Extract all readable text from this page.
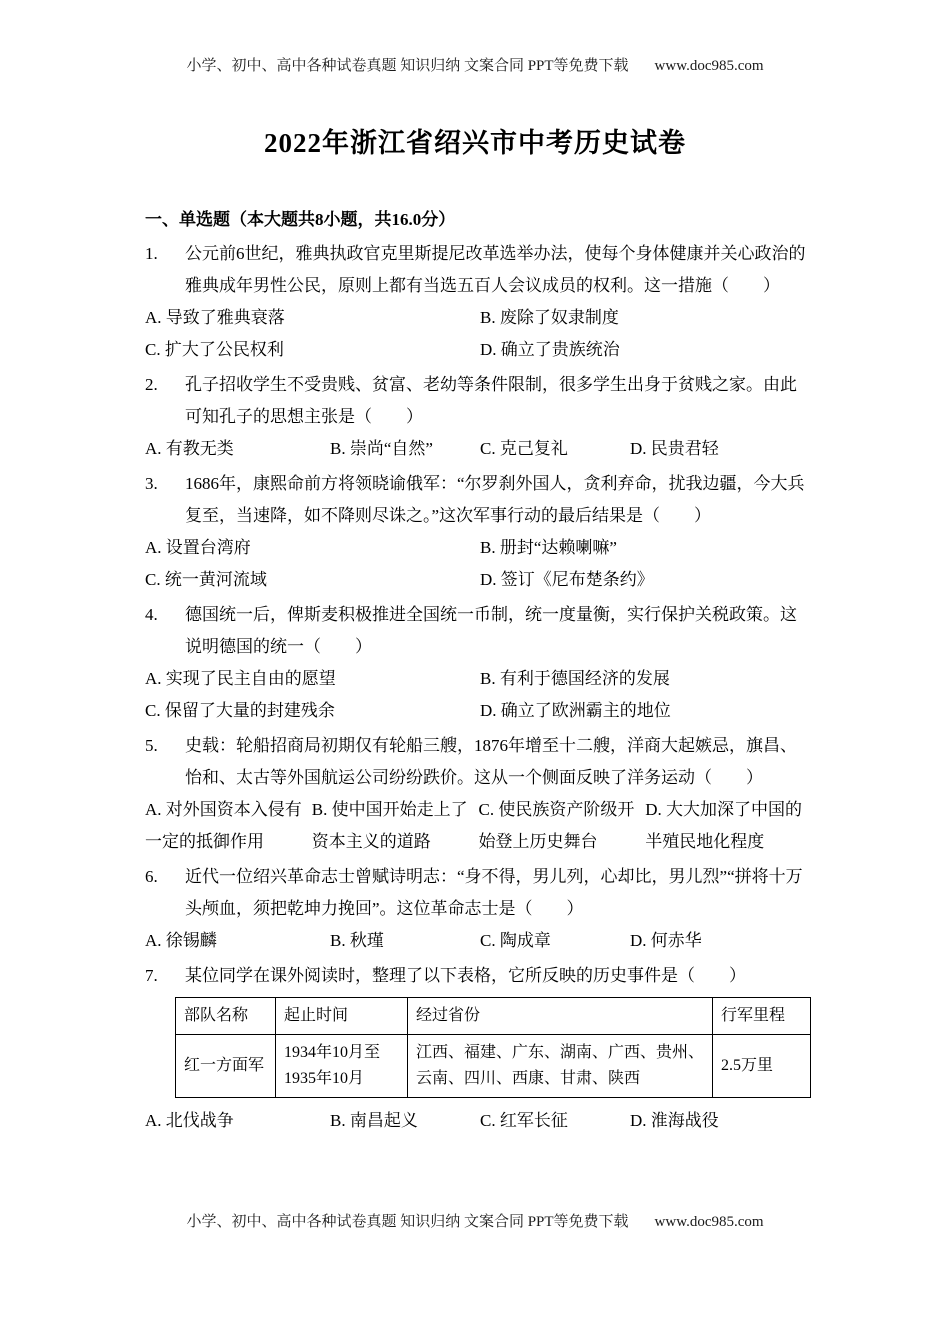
小学、初中、高中各种试卷真题 知识归纳 文案合同 PPT等免费下载 www.doc985.com
2022年浙江省绍兴市中考历史试卷
一、单选题（本大题共8小题，共16.0分）
1.	公元前6世纪，雅典执政官克里斯提尼改革选举办法，使每个身体健康并关心政治的雅典成年男性公民，原则上都有当选五百人会议成员的权利。这一措施（　　）
A. 导致了雅典衰落	B. 废除了奴隶制度
C. 扩大了公民权利	D. 确立了贵族统治
2.	孔子招收学生不受贵贱、贫富、老幼等条件限制，很多学生出身于贫贱之家。由此可知孔子的思想主张是（　　）
A. 有教无类	B. 崇尚“自然”	C. 克己复礼	D. 民贵君轻
3.	1686年，康熙命前方将领晓谕俄军：“尔罗刹外国人，贪利弃命，扰我边疆，今大兵复至，当速降，如不降则尽诛之。”这次军事行动的最后结果是（　　）
A. 设置台湾府	B. 册封“达赖喇嘛”
C. 统一黄河流域	D. 签订《尼布楚条约》
4.	德国统一后，俾斯麦积极推进全国统一币制，统一度量衡，实行保护关税政策。这说明德国的统一（　　）
A. 实现了民主自由的愿望	B. 有利于德国经济的发展
C. 保留了大量的封建残余	D. 确立了欧洲霸主的地位
5.	史载：轮船招商局初期仅有轮船三艘，1876年增至十二艘，洋商大起嫉忌，旗昌、怡和、太古等外国航运公司纷纷跌价。这从一个侧面反映了洋务运动（　　）
A. 对外国资本入侵有一定的抵御作用
B. 使中国开始走上了资本主义的道路
C. 使民族资产阶级开始登上历史舞台
D. 大大加深了中国的半殖民地化程度
6.	近代一位绍兴革命志士曾赋诗明志：“身不得，男儿列，心却比，男儿烈”“拼将十万头颅血，须把乾坤力挽回”。这位革命志士是（　　）
A. 徐锡麟	B. 秋瑾	C. 陶成章	D. 何赤华
7.	某位同学在课外阅读时，整理了以下表格，它所反映的历史事件是（　　）
部队名称	起止时间	经过省份	行军里程
红一方面军	1934年10月至1935年10月	江西、福建、广东、湖南、广西、贵州、云南、四川、西康、甘肃、陕西	2.5万里
A. 北伐战争	B. 南昌起义	C. 红军长征	D. 淮海战役
小学、初中、高中各种试卷真题 知识归纳 文案合同 PPT等免费下载 www.doc985.com
